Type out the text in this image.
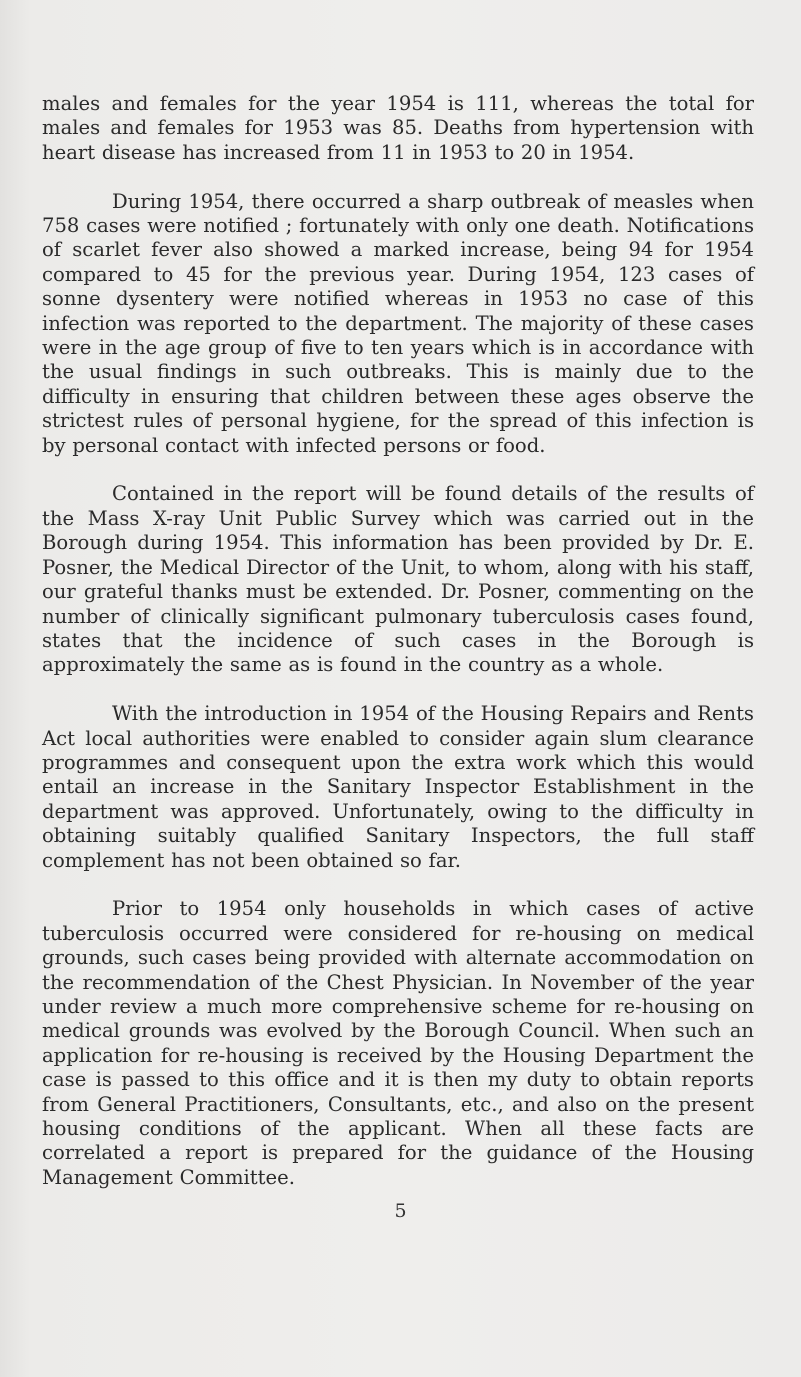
males and females for the year 1954 is 111, whereas the total for males and females for 1953 was 85. Deaths from hypertension with heart disease has increased from 11 in 1953 to 20 in 1954.

During 1954, there occurred a sharp outbreak of measles when 758 cases were notified ; fortunately with only one death. Notifications of scarlet fever also showed a marked increase, being 94 for 1954 compared to 45 for the previous year. During 1954, 123 cases of sonne dysentery were notified whereas in 1953 no case of this infection was reported to the department. The majority of these cases were in the age group of five to ten years which is in accordance with the usual findings in such outbreaks. This is mainly due to the difficulty in ensuring that children between these ages observe the strictest rules of personal hygiene, for the spread of this infection is by personal contact with infected persons or food.

Contained in the report will be found details of the results of the Mass X-ray Unit Public Survey which was carried out in the Borough during 1954. This information has been provided by Dr. E. Posner, the Medical Director of the Unit, to whom, along with his staff, our grateful thanks must be extended. Dr. Posner, commenting on the number of clinically significant pulmonary tuberculosis cases found, states that the incidence of such cases in the Borough is approximately the same as is found in the country as a whole.

With the introduction in 1954 of the Housing Repairs and Rents Act local authorities were enabled to consider again slum clearance programmes and consequent upon the extra work which this would entail an increase in the Sanitary Inspector Establishment in the department was approved. Unfortunately, owing to the difficulty in obtaining suitably qualified Sanitary Inspectors, the full staff complement has not been obtained so far.

Prior to 1954 only households in which cases of active tuberculosis occurred were considered for re-housing on medical grounds, such cases being provided with alternate accommodation on the recommendation of the Chest Physician. In November of the year under review a much more comprehensive scheme for re-housing on medical grounds was evolved by the Borough Council. When such an application for re-housing is received by the Housing Department the case is passed to this office and it is then my duty to obtain reports from General Practitioners, Consultants, etc., and also on the present housing conditions of the applicant. When all these facts are correlated a report is prepared for the guidance of the Housing Management Committee.

5
